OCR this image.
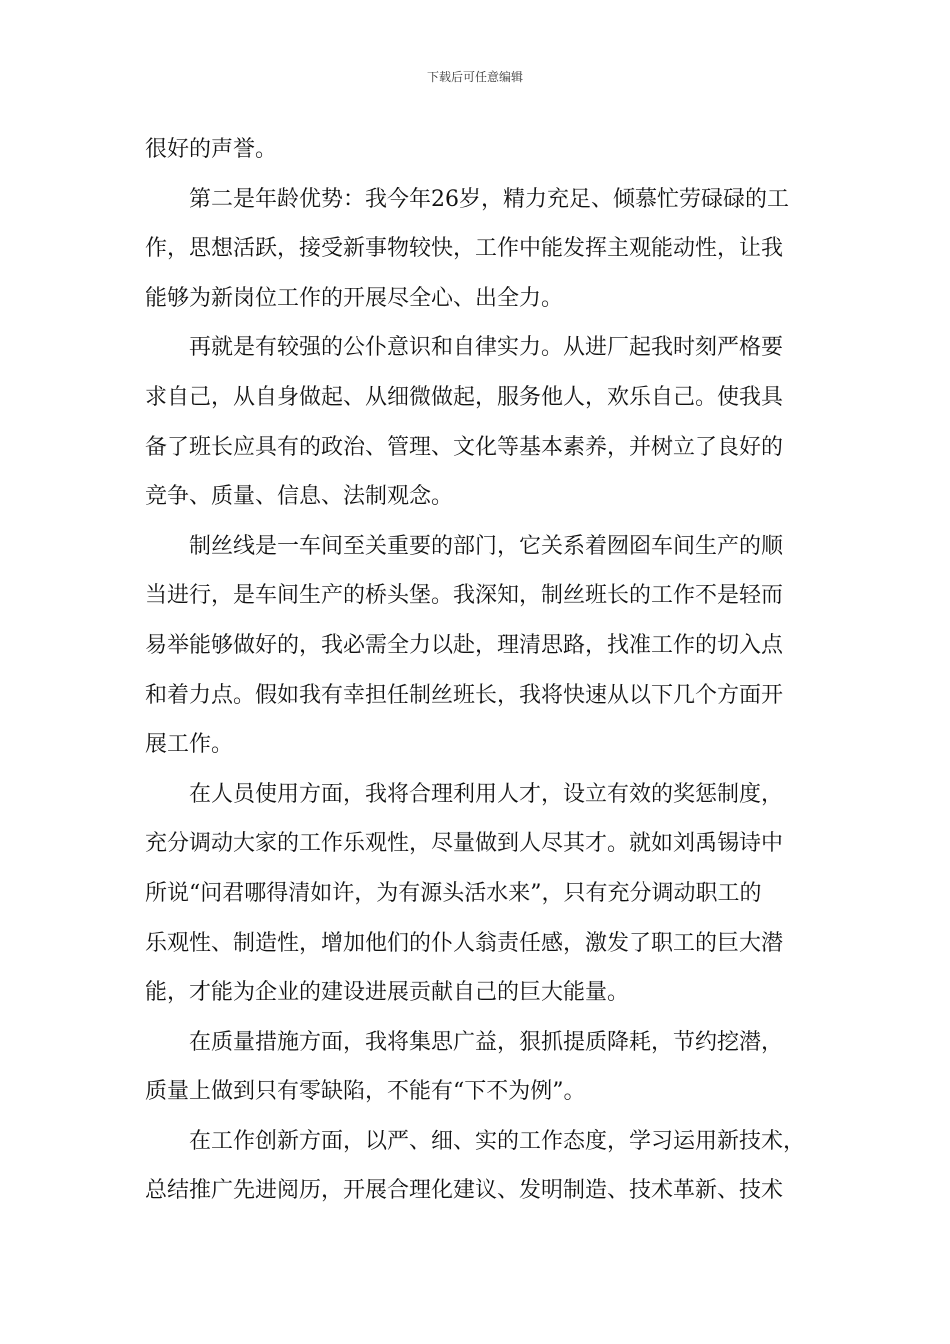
下载后可任意编辑
很好的声誉。
第二是年龄优势：我今年26岁，精力充足、倾慕忙劳碌碌的工
作，思想活跃，接受新事物较快，工作中能发挥主观能动性，让我
能够为新岗位工作的开展尽全心、出全力。
再就是有较强的公仆意识和自律实力。从进厂起我时刻严格要
求自己，从自身做起、从细微做起，服务他人，欢乐自己。使我具
备了班长应具有的政治、管理、文化等基本素养，并树立了良好的
竞争、质量、信息、法制观念。
制丝线是一车间至关重要的部门，它关系着囫囵车间生产的顺
当进行，是车间生产的桥头堡。我深知，制丝班长的工作不是轻而
易举能够做好的，我必需全力以赴，理清思路，找准工作的切入点
和着力点。假如我有幸担任制丝班长，我将快速从以下几个方面开
展工作。
在人员使用方面，我将合理利用人才，设立有效的奖惩制度，
充分调动大家的工作乐观性，尽量做到人尽其才。就如刘禹锡诗中
所说“问君哪得清如许，为有源头活水来”，只有充分调动职工的
乐观性、制造性，增加他们的仆人翁责任感，激发了职工的巨大潜
能，才能为企业的建设进展贡献自己的巨大能量。
在质量措施方面，我将集思广益，狠抓提质降耗，节约挖潜，
质量上做到只有零缺陷，不能有“下不为例”。
在工作创新方面，以严、细、实的工作态度，学习运用新技术，
总结推广先进阅历，开展合理化建议、发明制造、技术革新、技术
